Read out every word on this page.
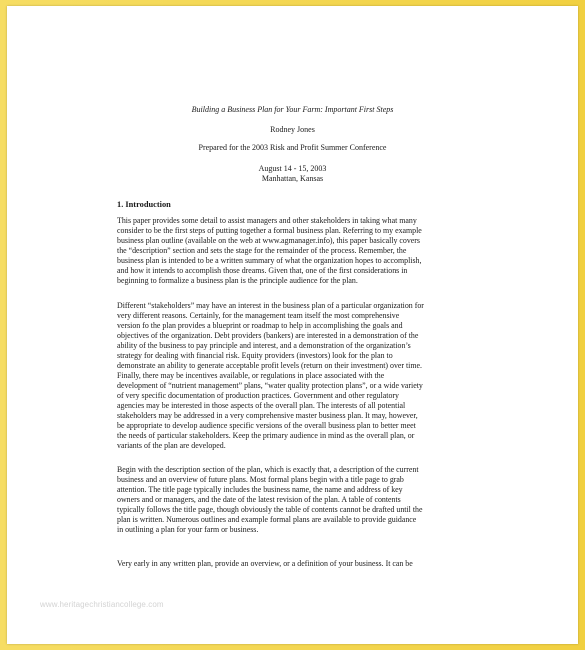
Building a Business Plan for Your Farm: Important First Steps
Rodney Jones
Prepared for the 2003 Risk and Profit Summer Conference
August 14 - 15, 2003
Manhattan, Kansas
1. Introduction
This paper provides some detail to assist managers and other stakeholders in taking what many
consider to be the first steps of putting together a formal business plan. Referring to my example
business plan outline (available on the web at www.agmanager.info), this paper basically covers
the “description” section and sets the stage for the remainder of the process. Remember, the
business plan is intended to be a written summary of what the organization hopes to accomplish,
and how it intends to accomplish those dreams. Given that, one of the first considerations in
beginning to formalize a business plan is the principle audience for the plan.
Different “stakeholders” may have an interest in the business plan of a particular organization for
very different reasons. Certainly, for the management team itself the most comprehensive
version fo the plan provides a blueprint or roadmap to help in accomplishing the goals and
objectives of the organization. Debt providers (bankers) are interested in a demonstration of the
ability of the business to pay principle and interest, and a demonstration of the organization’s
strategy for dealing with financial risk. Equity providers (investors) look for the plan to
demonstrate an ability to generate acceptable profit levels (return on their investment) over time.
Finally, there may be incentives available, or regulations in place associated with the
development of “nutrient management” plans, “water quality protection plans”, or a wide variety
of very specific documentation of production practices. Government and other regulatory
agencies may be interested in those aspects of the overall plan. The interests of all potential
stakeholders may be addressed in a very comprehensive master business plan. It may, however,
be appropriate to develop audience specific versions of the overall business plan to better meet
the needs of particular stakeholders. Keep the primary audience in mind as the overall plan, or
variants of the plan are developed.
Begin with the description section of the plan, which is exactly that, a description of the current
business and an overview of future plans. Most formal plans begin with a title page to grab
attention. The title page typically includes the business name, the name and address of key
owners and or managers, and the date of the latest revision of the plan. A table of contents
typically follows the title page, though obviously the table of contents cannot be drafted until the
plan is written. Numerous outlines and example formal plans are available to provide guidance
in outlining a plan for your farm or business.
Very early in any written plan, provide an overview, or a definition of your business. It can be
www.heritagechristiancollege.com
